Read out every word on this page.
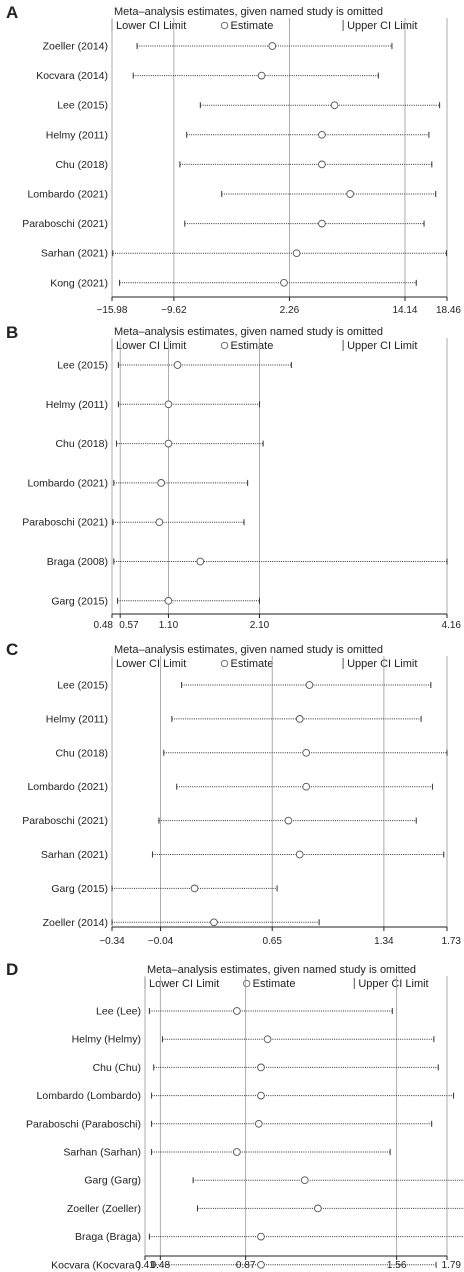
A	Meta–analysis estimates, given named study is omitted
Lower CI Limit	Estimate	Upper CI Limit
Zoeller (2014)
Kocvara (2014)
Lee (2015)
Helmy (2011)
Chu (2018)
Lombardo (2021)
Paraboschi (2021)
Sarhan (2021)
Kong (2021)
−15.98	−9.62	2.26	14.14 18.46
B	Meta–analysis estimates, given named study is omitted
Lower CI Limit	Estimate	Upper CI Limit
Lee (2015)
Helmy (2011)
Chu (2018)
Lombardo (2021)
Paraboschi (2021)
Braga (2008)
Garg (2015)
0.48 0.57 1.10	2.10	4.16
C	Meta–analysis estimates, given named study is omitted
Lower CI Limit	Estimate	Upper CI Limit
Lee (2015)
Helmy (2011)
Chu (2018)
Lombardo (2021)
Paraboschi (2021)
Sarhan (2021)
Garg (2015)
Zoeller (2014)
−0.34 −0.04	0.65	1.34	1.73
D	Meta–analysis estimates, given named study is omitted
Lower CI Limit	Estimate	Upper CI Limit
Lee (Lee)
Helmy (Helmy)
Chu (Chu)
Lombardo (Lombardo)
Paraboschi (Paraboschi)
Sarhan (Sarhan)
Garg (Garg)
Zoeller (Zoeller)
Braga (Braga)
Kocvara (Kocvara )
0.41
0.48	0.87	1.56	1.79
